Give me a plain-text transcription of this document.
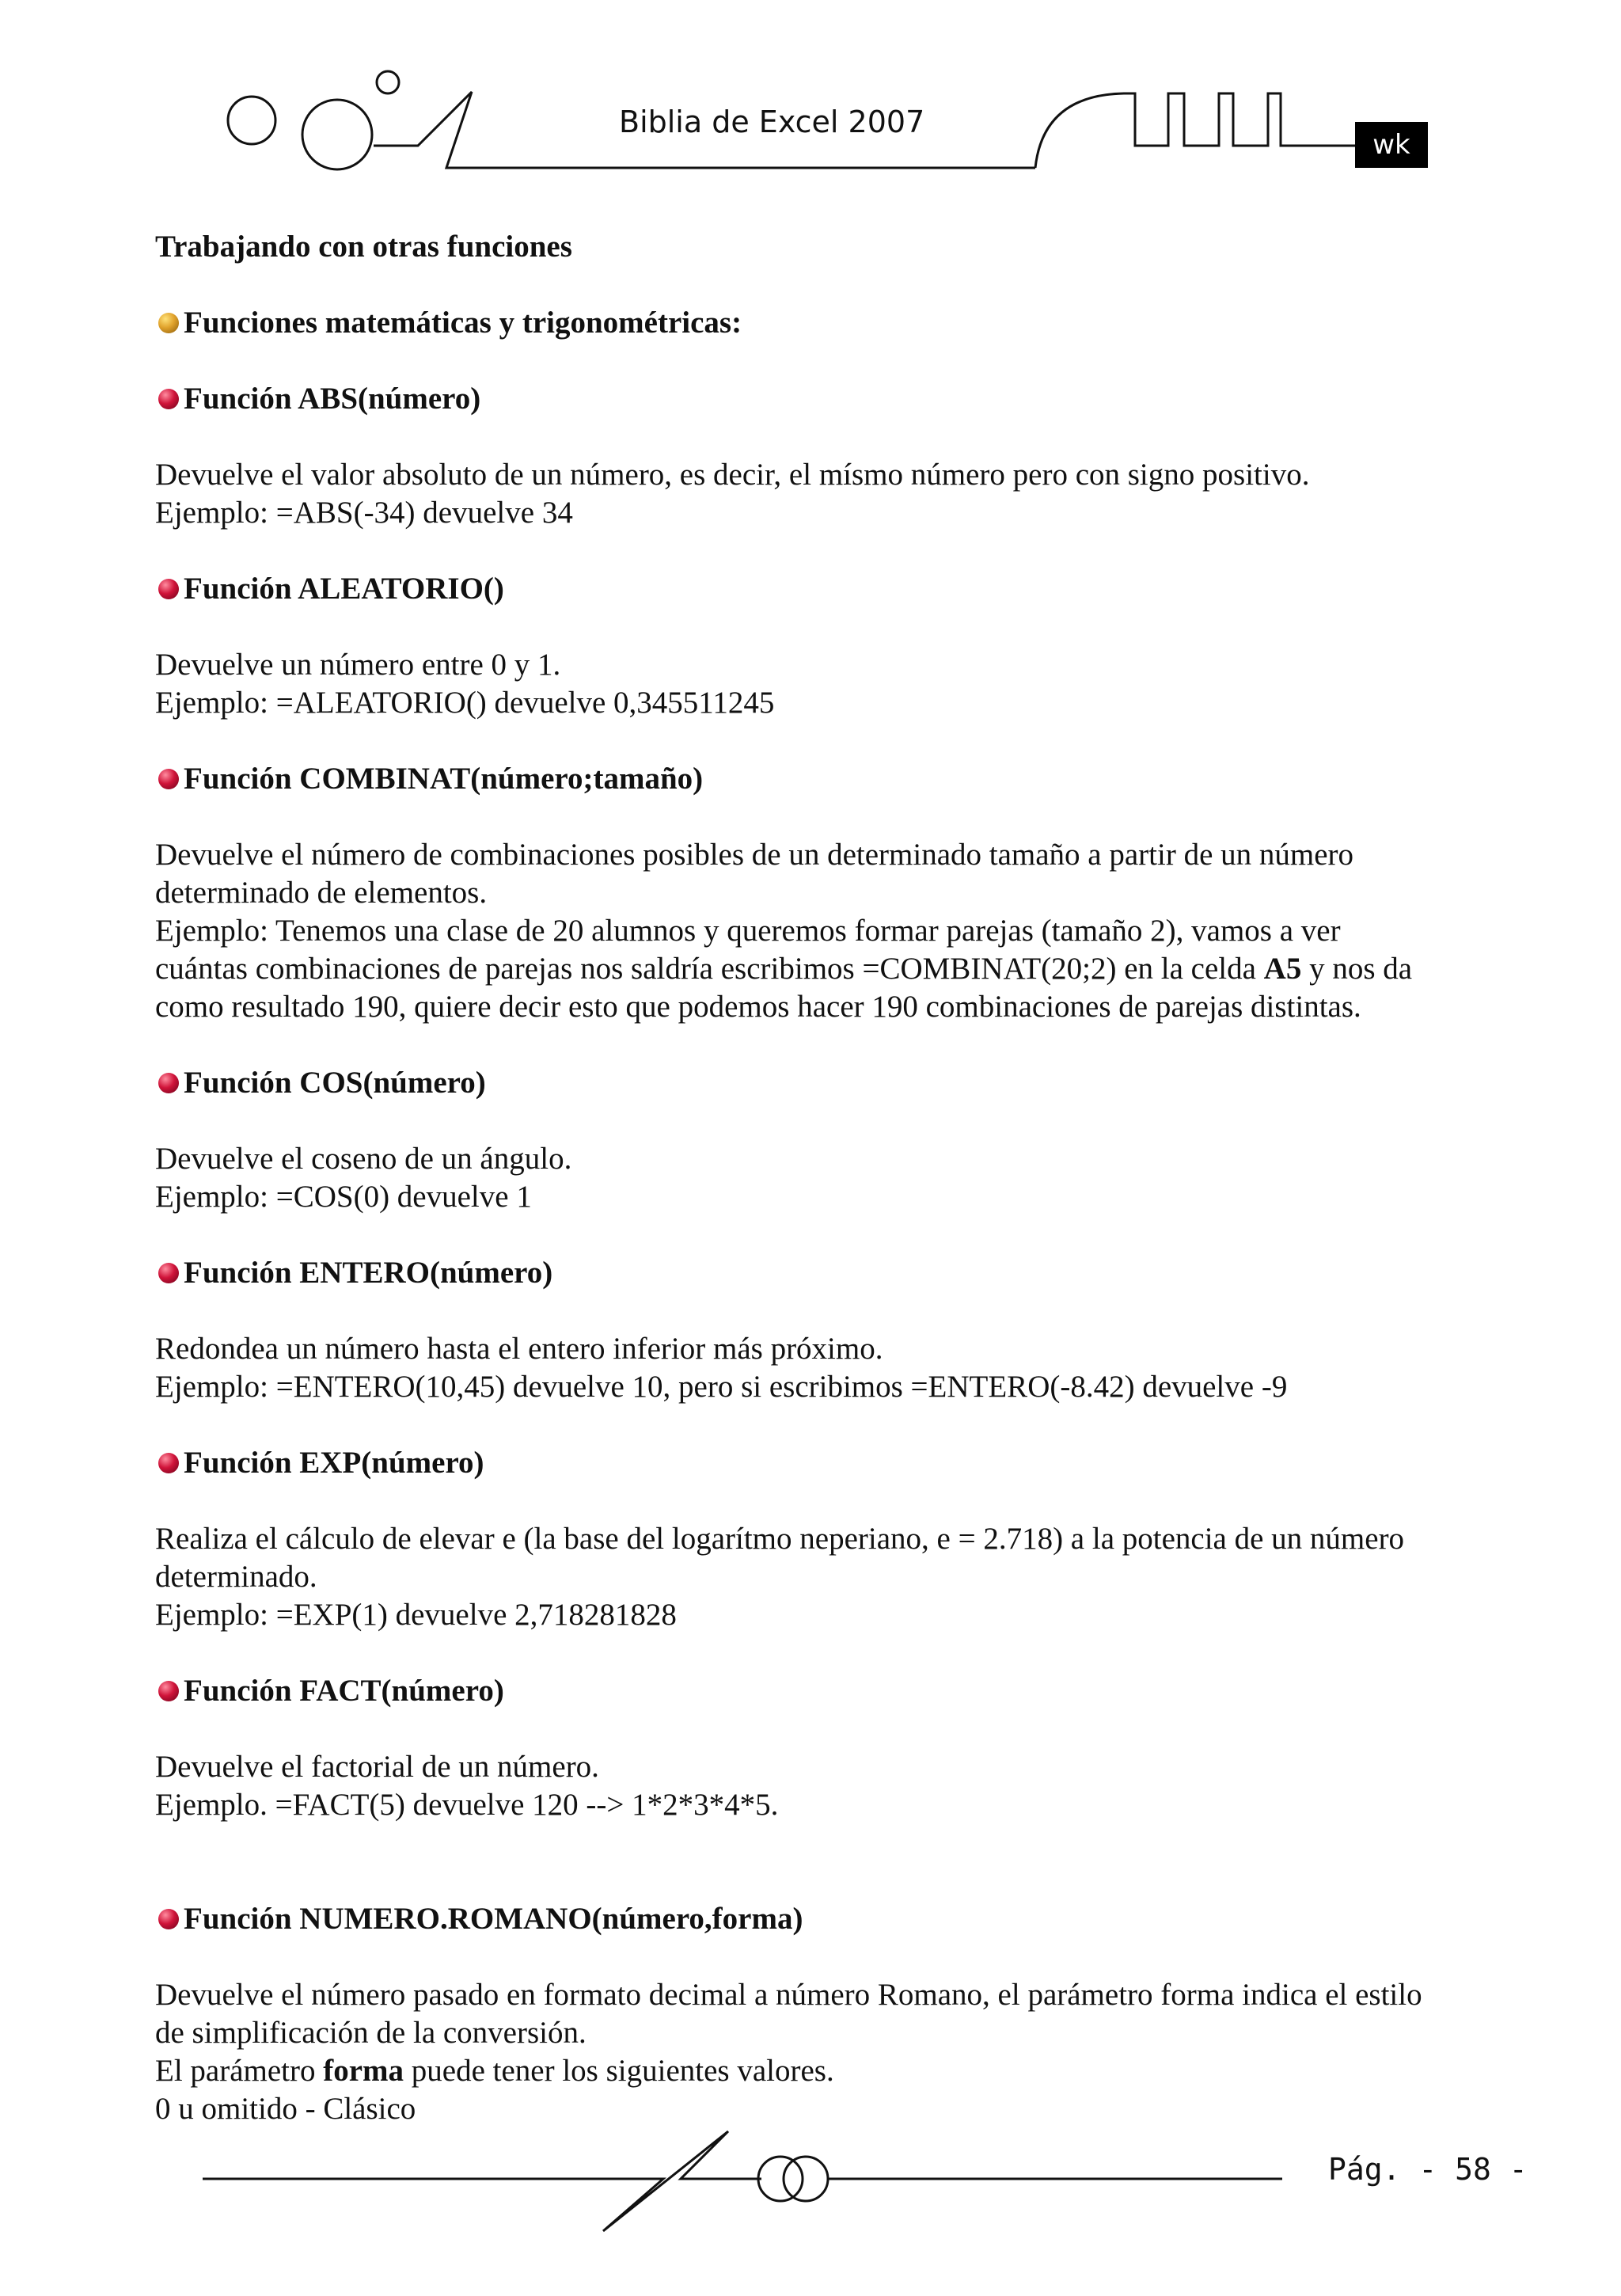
Biblia de Excel 2007
wk
Trabajando con otras funciones
Funciones matemáticas y trigonométricas:
Función ABS(número)
Devuelve el valor absoluto de un número, es decir, el mísmo número pero con signo positivo.
Ejemplo: =ABS(-34) devuelve 34
Función ALEATORIO()
Devuelve un número entre 0 y 1.
Ejemplo: =ALEATORIO() devuelve 0,345511245
Función COMBINAT(número;tamaño)
Devuelve el número de combinaciones posibles de un determinado tamaño a partir de un número
determinado de elementos.
Ejemplo: Tenemos una clase de 20 alumnos y queremos formar parejas (tamaño 2), vamos a ver
cuántas combinaciones de parejas nos saldría escribimos =COMBINAT(20;2) en la celda A5 y nos da
como resultado 190, quiere decir esto que podemos hacer 190 combinaciones de parejas distintas.
Función COS(número)
Devuelve el coseno de un ángulo.
Ejemplo: =COS(0) devuelve 1
Función ENTERO(número)
Redondea un número hasta el entero inferior más próximo.
Ejemplo: =ENTERO(10,45) devuelve 10, pero si escribimos =ENTERO(-8.42) devuelve -9
Función EXP(número)
Realiza el cálculo de elevar e (la base del logarítmo neperiano, e = 2.718) a la potencia de un número
determinado.
Ejemplo: =EXP(1) devuelve 2,718281828
Función FACT(número)
Devuelve el factorial de un número.
Ejemplo. =FACT(5) devuelve 120 --> 1*2*3*4*5.
Función NUMERO.ROMANO(número,forma)
Devuelve el número pasado en formato decimal a número Romano, el parámetro forma indica el estilo
de simplificación de la conversión.
El parámetro forma puede tener los siguientes valores.
0 u omitido - Clásico
Pág. - 58 -
